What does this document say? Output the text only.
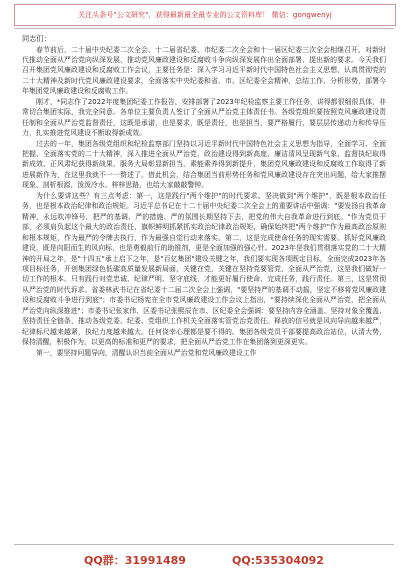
关注头条号"公文研究"，获得最新最全最专业的公文资料库！ 微信：gongwenyj

同志们：

春节前后，二十届中央纪委二次全会、十二届省纪委、市纪委二次全会和十一届区纪委三次全会相继召开，对新时代推动全面从严治党向纵深发展、推动党风廉政建设和反腐败斗争向纵深发展作出全面部署、提出新的要求。今天我们召开集团党风廉政建设和反腐败工作会议，主要任务是：深入学习习近平新时代中国特色社会主义思想，认真贯彻党的二十大精神及新时代党风廉政建设要求，全面落实中央纪委和省、市、区纪委全会精神，总结工作、分析形势，部署今年集团党风廉政建设和反腐败工作。

刚才，*同志作了2022年度集团纪委工作报告，安排部署了2023年纪检监察主要工作任务，讲得都很细很具体，非常切合集团实际，我完全同意。各单位主要负责人签订了全面从严治党主体责任书。各级党组织要按照党风廉政建设责任制和全面从严治党监督责任，这既是承诺，也是要求，既是责任，也是担当，要严格履行，要层层传递动力和传导压力，扎实推进党风建设不断取得新成效。

过去的一年，集团各级党组织和纪检监察部门坚持以习近平新时代中国特色社会主义思想为指导，全面学习、全面把握、全面落实党的二十大精神，深入推进全面从严治党，政治建设得到新高度、廉洁清风呈现新气象、监督执纪取得新成效、正风肃纪获得新战果、服务大局彰显新担当、素能素养得到新提升，集团党风廉政建设和反腐败工作取得了新进展新作为，在这里我就不一一赘述了。借此机会，结合集团当前形势任务和党风廉政建设存在突出问题，给大家推摆现象、剖析根源、泼泼冷水、梓梓思路，也给大家敲敲警钟。

为什么要讲这些？有三点考虑：第一，这是践行"两个维护"的时代要求。坚决做到"两个维护"，既是根本政治任务，也是根本政治纪律和政治规矩。习近平总书记在十二十届中央纪委二次全会上的重要讲话中强调："要发扬自我革命精神，永远吹冲锋号，把严的基调、严的措施、严的氛围长期坚持下去，把党的伟大自我革命进行到底。"作为党员干部，必须肩负起这个最大的政治责任，旗帜鲜明抓紧抓实政治纪律政治规矩，确保始终把"两个维护"作为最高政治原则和根本规矩，作为最严的令牌去执行，作为最强自觉行动来落实。第二，这是完成使命任务的现实需要。抓好党风廉政建设，既是向阳而生的风向标，也是勇毅前行的助推剂，更是全面加强的强心针。2023年是我们贯彻落实党的二十大精神的开局之年，是"十四五"承上启下之年，是"百亿集团"建设关键之年，我们要实现各项既定目标，全面完成2023年各项目标任务，开创集团绿色低碳高质量发展新局面，关键在党，关键在坚持党要管党、全面从严治党，这是我们做好一切工作的根本。只有践行对党忠诚、纪律严明、坚守底线，才能更好履行使命、完成任务，践行责任。第三，这是贯彻从严治党的时代诉求。省委林武书记在省纪委十二届二次全会上强调，"要坚持严的基调不动摇，坚定不移将党风廉政建设和反腐败斗争进行到底"；市委书记杨宪在全市党风廉政建设工作会议上指出，"要持续深化全面从严治党，把全面从严治党向纵深推进"；市委书记张家伟、区委书记张熙辰在市、区纪委全会强调：要坚持内容全涵盖、坚持对象全覆盖、坚持责任全链条，推动各级党委、纪委、党组织工作机关全面落实管党治党责任。释放的信号就是风向导向越来越严，纪律标尺越来越紧，执纪力度越来越大。任何侥幸心理都是要不得的。集团各级党员干部要提高政治站位，认清大势，保持清醒，积极作为，以更高的标准和更严的要求，把全面从严治党工作在集团落到更深更实。

第一，要坚持问题导向，清醒认识当前全面从严治党和党风廉政建设工作

QQ群：31991489	QQ:535304092
